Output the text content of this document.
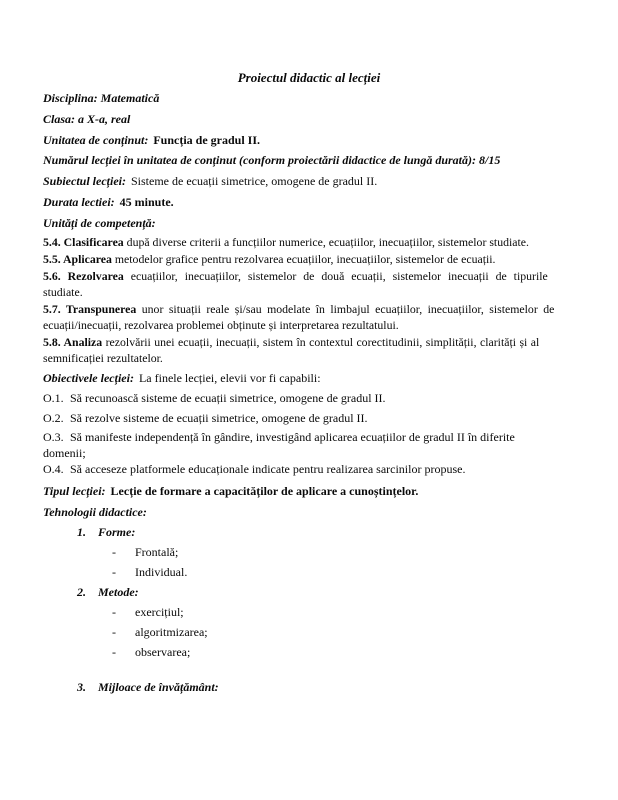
Proiectul didactic al lecției

Disciplina: Matematică

Clasa: a X-a, real

Unitatea de conținut: Funcția de gradul II.

Numărul lecției în unitatea de conținut (conform proiectării didactice de lungă durată): 8/15

Subiectul lecției: Sisteme de ecuații simetrice, omogene de gradul II.

Durata lectiei: 45 minute.

Unități de competență:

5.4. Clasificarea după diverse criterii a funcțiilor numerice, ecuațiilor, inecuațiilor, sistemelor studiate.
5.5. Aplicarea metodelor grafice pentru rezolvarea ecuațiilor, inecuațiilor, sistemelor de ecuații.
5.6. Rezolvarea ecuațiilor, inecuațiilor, sistemelor de două ecuații, sistemelor inecuații de tipurile
studiate.
5.7. Transpunerea unor situații reale și/sau modelate în limbajul ecuațiilor, inecuațiilor, sistemelor de
ecuații/inecuații, rezolvarea problemei obținute și interpretarea rezultatului.
5.8. Analiza rezolvării unei ecuații, inecuații, sistem în contextul corectitudinii, simplității, clarități și al
semnificației rezultatelor.

Obiectivele lecției: La finele lecției, elevii vor fi capabili:

O.1. Să recunoască sisteme de ecuații simetrice, omogene de gradul II.
O.2. Să rezolve sisteme de ecuații simetrice, omogene de gradul II.
O.3. Să manifeste independență în gândire, investigând aplicarea ecuațiilor de gradul II în diferite
domenii;
O.4. Să acceseze platformele educaționale indicate pentru realizarea sarcinilor propuse.

Tipul lecției: Lecție de formare a capacităților de aplicare a cunoștințelor.

Tehnologii didactice:

1. Forme:
- Frontală;
- Individual.
2. Metode:
- exercițiul;
- algoritmizarea;
- observarea;
3. Mijloace de învățământ:
